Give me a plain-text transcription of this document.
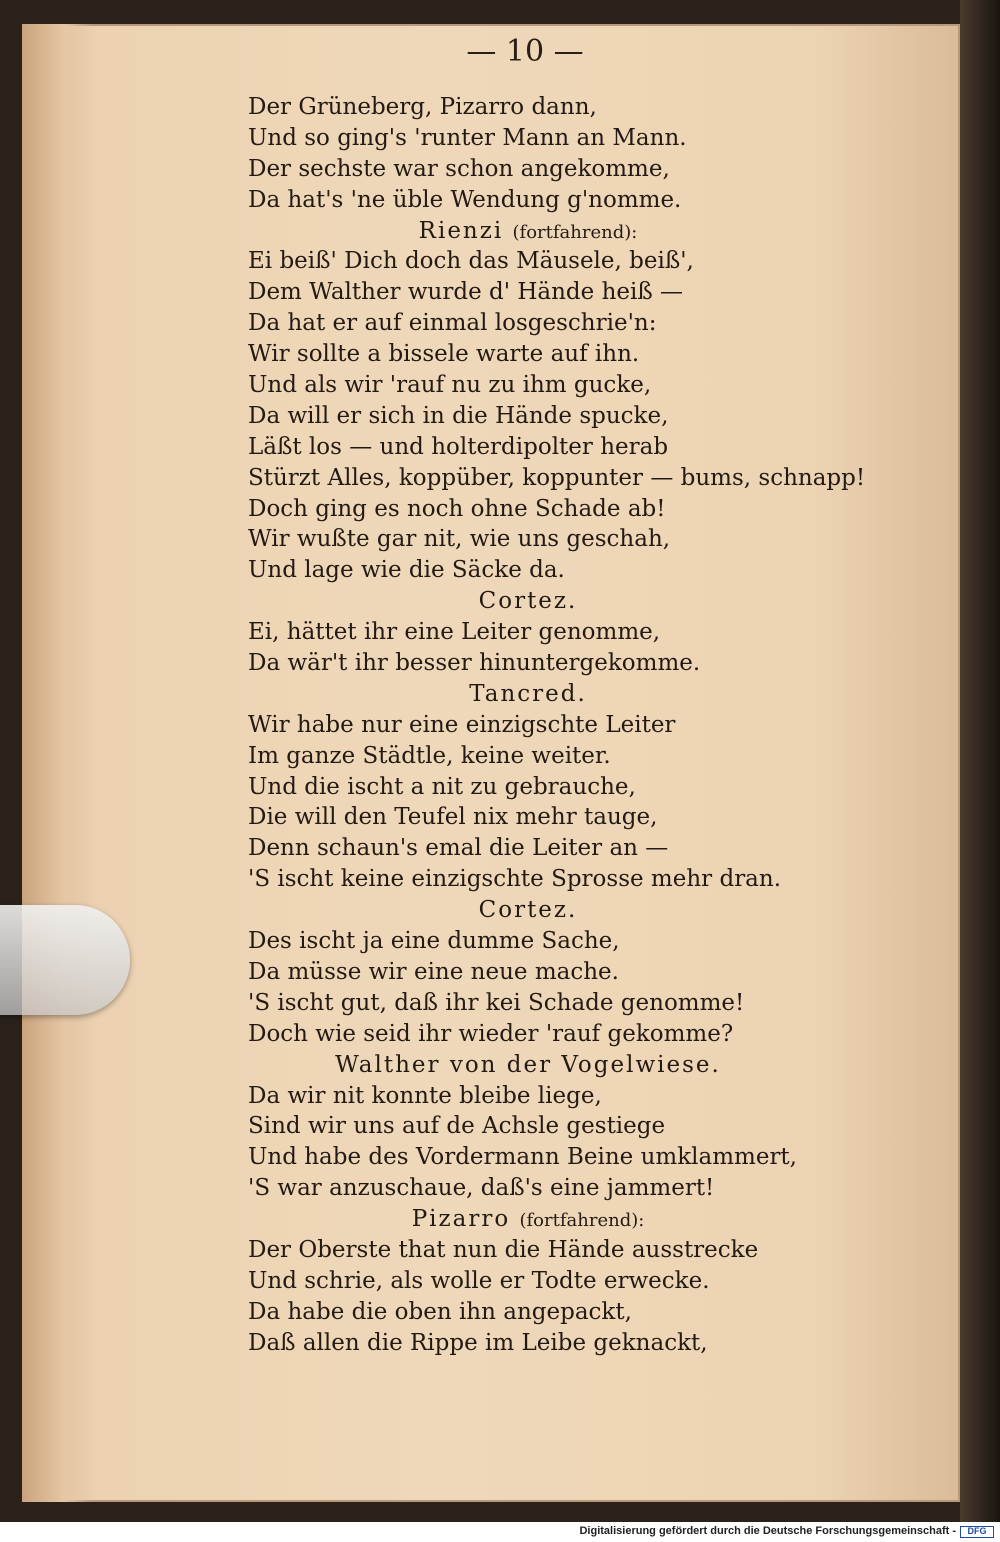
— 10 —
Der Grüneberg, Pizarro dann,
Und so ging's 'runter Mann an Mann.
Der sechste war schon angekomme,
Da hat's 'ne üble Wendung g'nomme.
Rienzi (fortfahrend):
Ei beiß' Dich doch das Mäusele, beiß',
Dem Walther wurde d' Hände heiß —
Da hat er auf einmal losgeschrie'n:
Wir sollte a bissele warte auf ihn.
Und als wir 'rauf nu zu ihm gucke,
Da will er sich in die Hände spucke,
Läßt los — und holterdipolter herab
Stürzt Alles, koppüber, koppunter — bums, schnapp!
Doch ging es noch ohne Schade ab!
Wir wußte gar nit, wie uns geschah,
Und lage wie die Säcke da.
Cortez.
Ei, hättet ihr eine Leiter genomme,
Da wär't ihr besser hinuntergekomme.
Tancred.
Wir habe nur eine einzigschte Leiter
Im ganze Städtle, keine weiter.
Und die ischt a nit zu gebrauche,
Die will den Teufel nix mehr tauge,
Denn schaun's emal die Leiter an —
'S ischt keine einzigschte Sprosse mehr dran.
Cortez.
Des ischt ja eine dumme Sache,
Da müsse wir eine neue mache.
'S ischt gut, daß ihr kei Schade genomme!
Doch wie seid ihr wieder 'rauf gekomme?
Walther von der Vogelwiese.
Da wir nit konnte bleibe liege,
Sind wir uns auf de Achsle gestiege
Und habe des Vordermann Beine umklammert,
'S war anzuschaue, daß's eine jammert!
Pizarro (fortfahrend):
Der Oberste that nun die Hände ausstrecke
Und schrie, als wolle er Todte erwecke.
Da habe die oben ihn angepackt,
Daß allen die Rippe im Leibe geknackt,
Digitalisierung gefördert durch die Deutsche Forschungsgemeinschaft -	DFG
